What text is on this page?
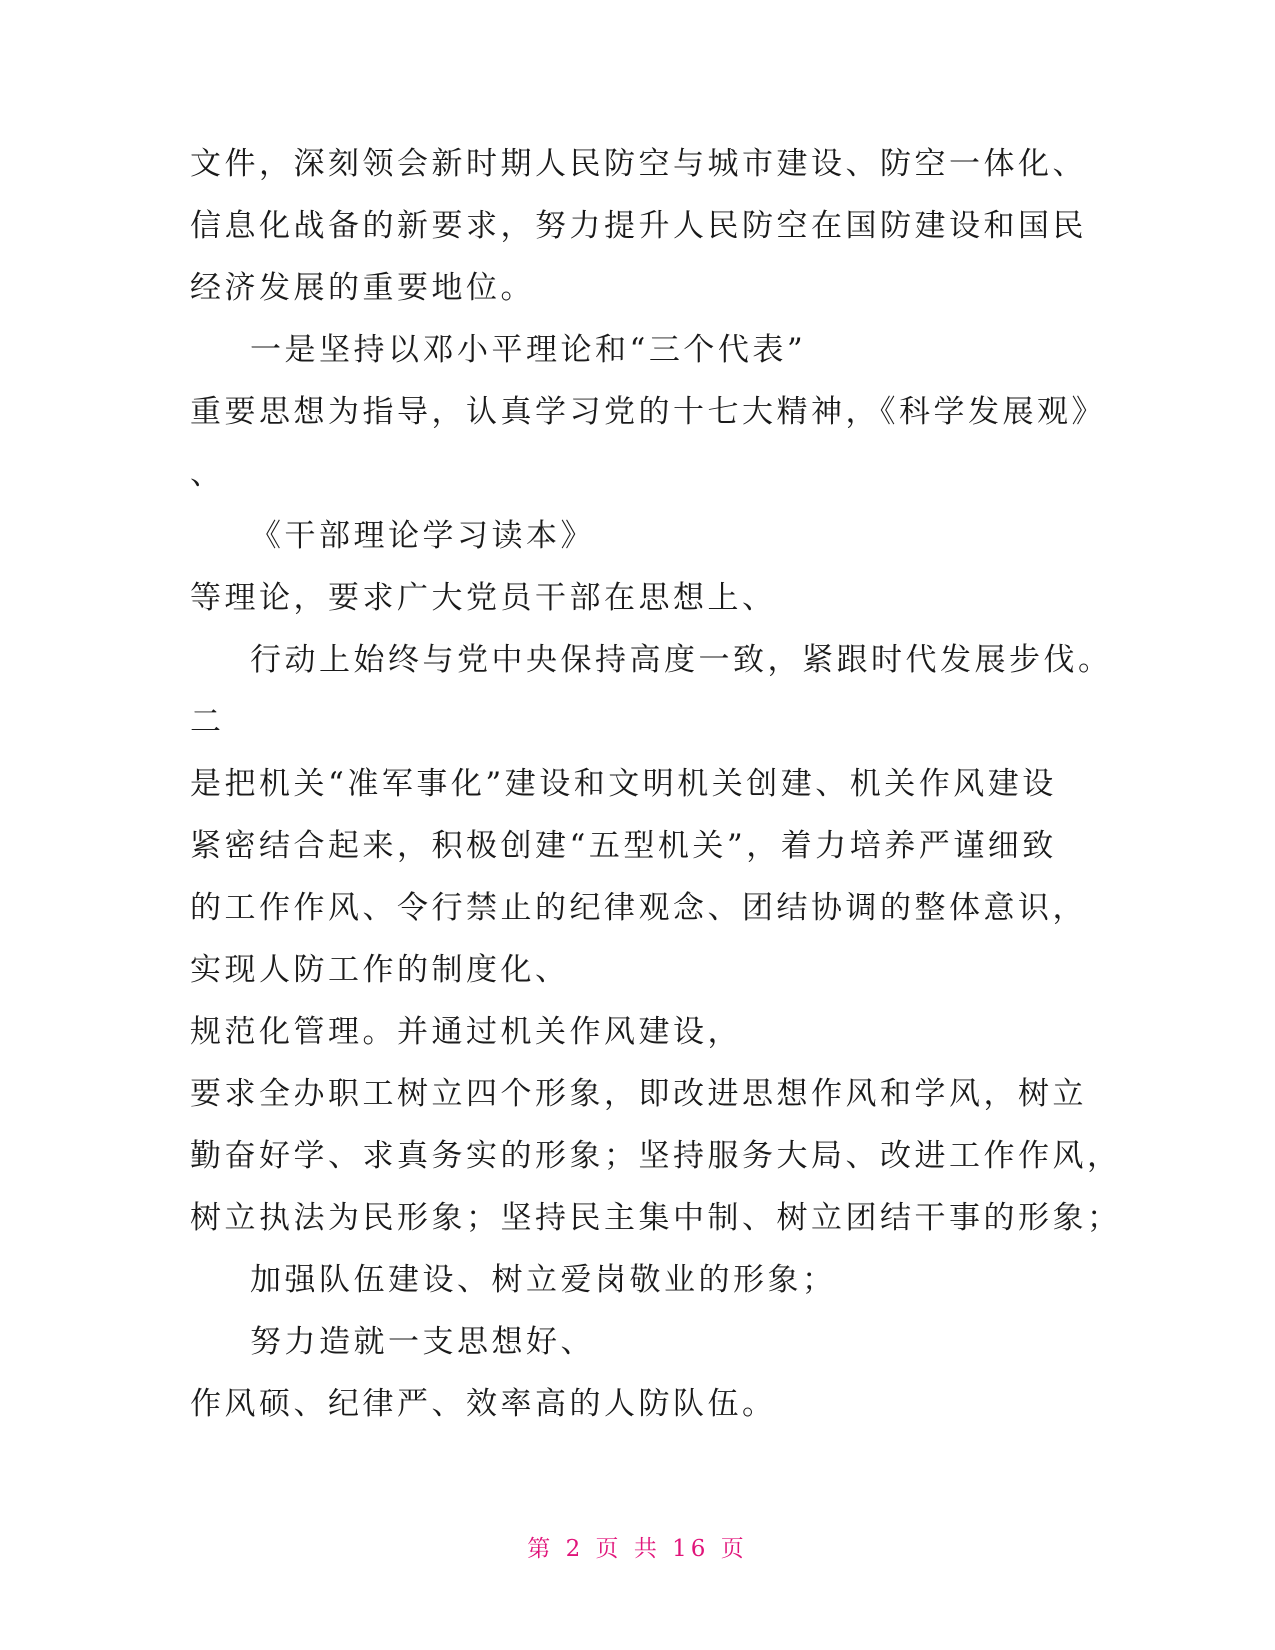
文件，深刻领会新时期人民防空与城市建设、防空一体化、
信息化战备的新要求，努力提升人民防空在国防建设和国民
经济发展的重要地位。
一是坚持以邓小平理论和“三个代表”
重要思想为指导，认真学习党的十七大精神，《科学发展观》
、
《干部理论学习读本》
等理论，要求广大党员干部在思想上、
行动上始终与党中央保持高度一致，紧跟时代发展步伐。
二
是把机关“准军事化”建设和文明机关创建、机关作风建设
紧密结合起来，积极创建“五型机关”，着力培养严谨细致
的工作作风、令行禁止的纪律观念、团结协调的整体意识，
实现人防工作的制度化、
规范化管理。并通过机关作风建设，
要求全办职工树立四个形象，即改进思想作风和学风，树立
勤奋好学、求真务实的形象；坚持服务大局、改进工作作风，
树立执法为民形象；坚持民主集中制、树立团结干事的形象；
加强队伍建设、树立爱岗敬业的形象；
努力造就一支思想好、
作风硕、纪律严、效率高的人防队伍。
第 2 页 共 16 页
